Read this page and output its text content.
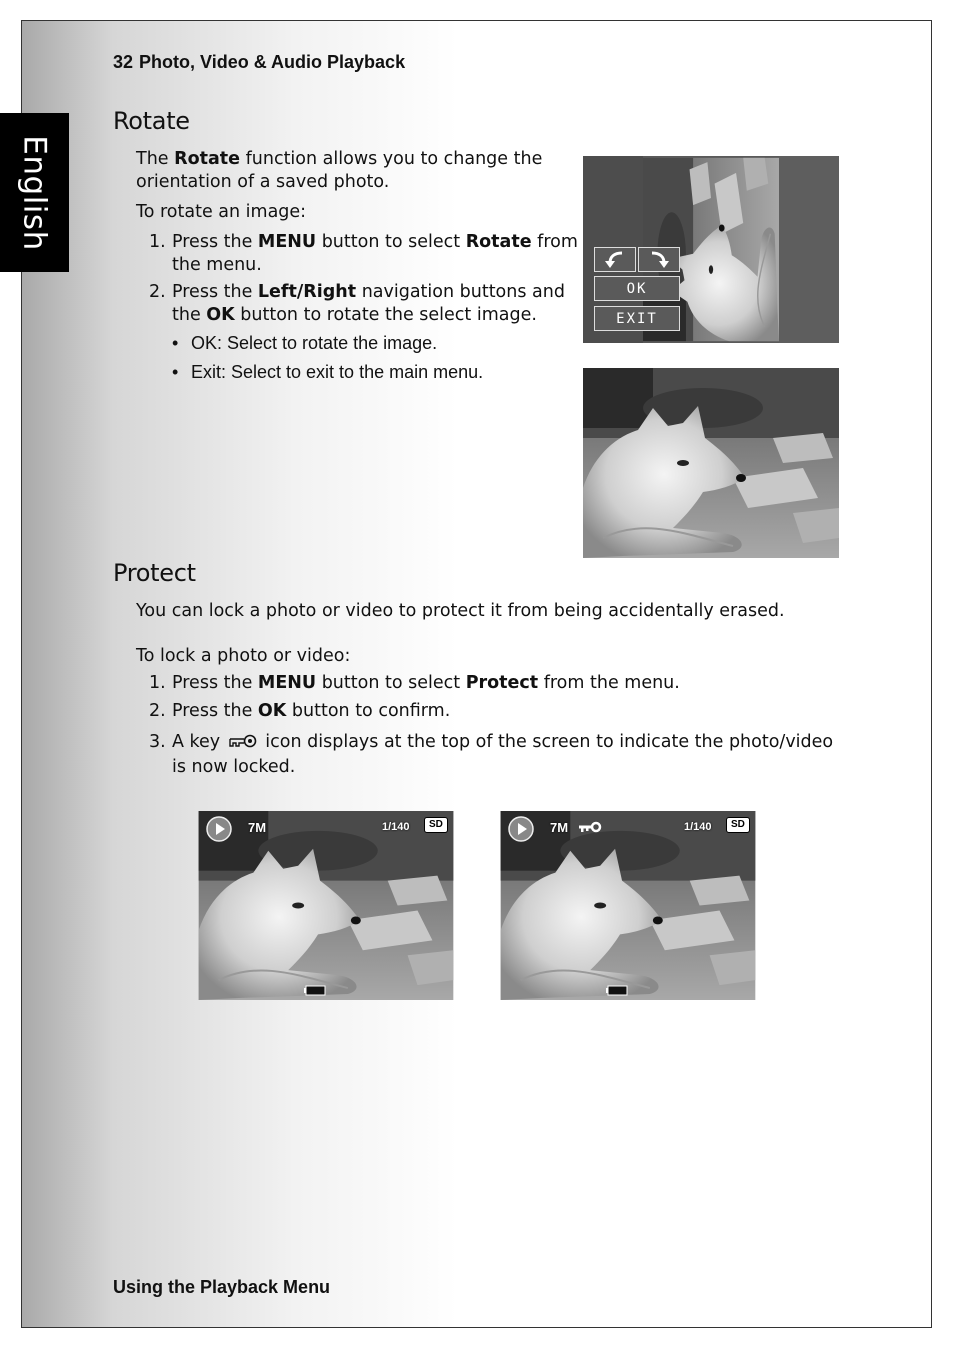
English
32 Photo, Video & Audio Playback
Rotate

The Rotate function allows you to change the orientation of a saved photo.

To rotate an image:

1. Press the MENU button to select Rotate from the menu.
2. Press the Left/Right navigation buttons and the OK button to rotate the select image.
• OK: Select to rotate the image.
• Exit: Select to exit to the main menu.
OK
EXIT
Protect

You can lock a photo or video to protect it from being accidentally erased.

To lock a photo or video:

1. Press the MENU button to select Protect from the menu.
2. Press the OK button to confirm.
3. A key  icon displays at the top of the screen to indicate the photo/video is now locked.
7M	1/140	SD	7M	1/140	SD
Using the Playback Menu
